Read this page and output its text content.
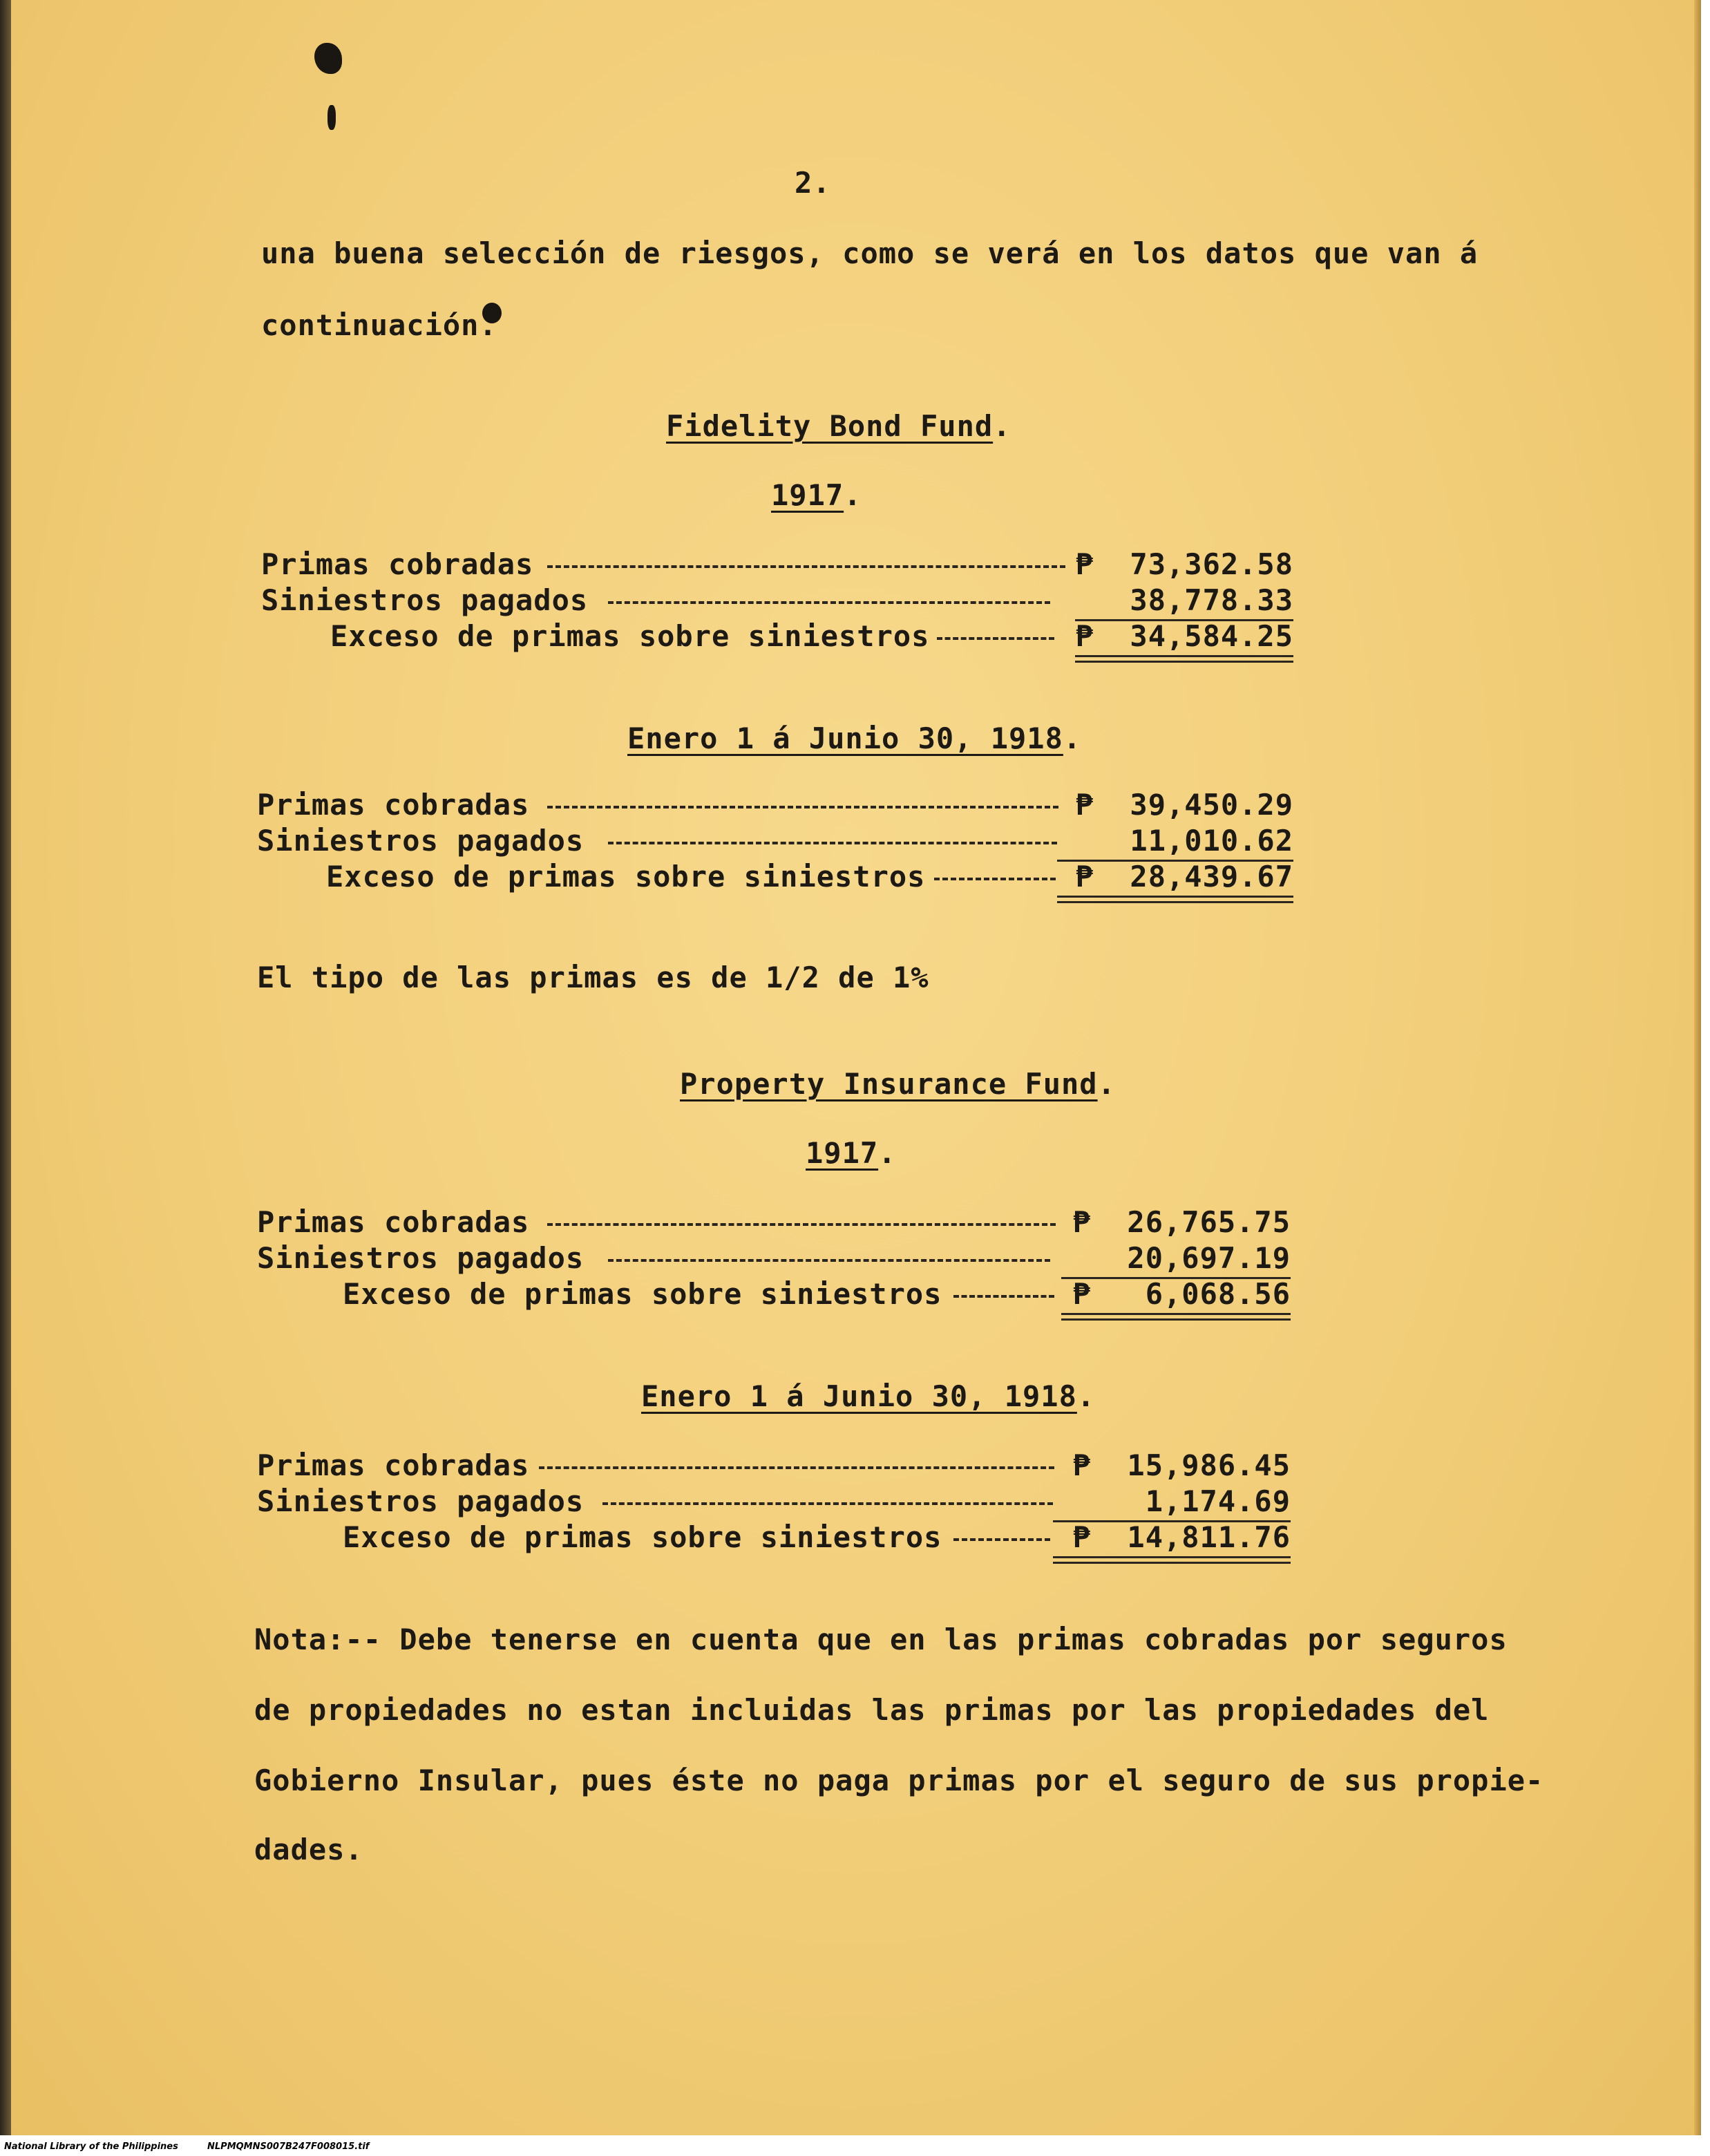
2.
una buena selección de riesgos, como se verá en los datos que van á
continuación.
Fidelity Bond Fund.
1917.
Primas cobradas	₱  73,362.58
Siniestros pagados	38,778.33
Exceso de primas sobre siniestros	₱  34,584.25
Enero 1 á Junio 30, 1918.
Primas cobradas	₱  39,450.29
Siniestros pagados	11,010.62
Exceso de primas sobre siniestros	₱  28,439.67
El tipo de las primas es de 1/2 de 1%
Property Insurance Fund.
1917.
Primas cobradas	₱  26,765.75
Siniestros pagados	20,697.19
Exceso de primas sobre siniestros	₱   6,068.56
Enero 1 á Junio 30, 1918.
Primas cobradas	₱  15,986.45
Siniestros pagados	1,174.69
Exceso de primas sobre siniestros	₱  14,811.76
Nota:-- Debe tenerse en cuenta que en las primas cobradas por seguros
de propiedades no estan incluidas las primas por las propiedades del
Gobierno Insular, pues éste no paga primas por el seguro de sus propie-
dades.
National Library of the Philippines	NLPMQMNS007B247F008015.tif
